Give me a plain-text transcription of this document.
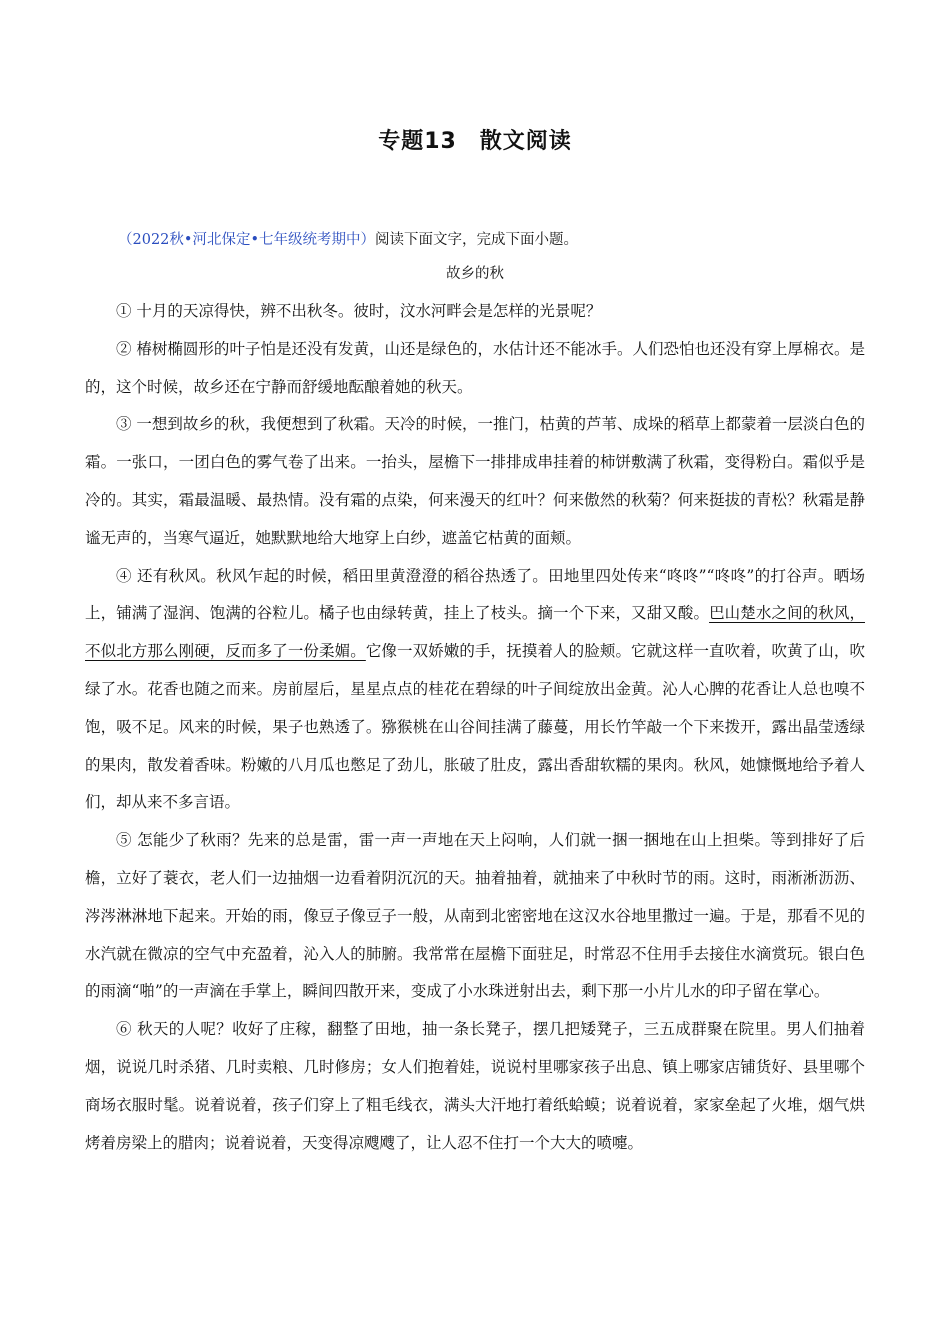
专题13　散文阅读
（2022秋•河北保定•七年级统考期中）阅读下面文字，完成下面小题。
故乡的秋

① 十月的天凉得快，辨不出秋冬。彼时，汶水河畔会是怎样的光景呢？

② 椿树椭圆形的叶子怕是还没有发黄，山还是绿色的，水估计还不能冰手。人们恐怕也还没有穿上厚棉衣。是的，这个时候，故乡还在宁静而舒缓地酝酿着她的秋天。

③ 一想到故乡的秋，我便想到了秋霜。天冷的时候，一推门，枯黄的芦苇、成垛的稻草上都蒙着一层淡白色的霜。一张口，一团白色的雾气卷了出来。一抬头，屋檐下一排排成串挂着的柿饼敷满了秋霜，变得粉白。霜似乎是冷的。其实，霜最温暖、最热情。没有霜的点染，何来漫天的红叶？何来傲然的秋菊？何来挺拔的青松？秋霜是静谧无声的，当寒气逼近，她默默地给大地穿上白纱，遮盖它枯黄的面颊。

④ 还有秋风。秋风乍起的时候，稻田里黄澄澄的稻谷热透了。田地里四处传来“咚咚”“咚咚”的打谷声。晒场上，铺满了湿润、饱满的谷粒儿。橘子也由绿转黄，挂上了枝头。摘一个下来，又甜又酸。巴山楚水之间的秋风，不似北方那么刚硬，反而多了一份柔媚。它像一双娇嫩的手，抚摸着人的脸颊。它就这样一直吹着，吹黄了山，吹绿了水。花香也随之而来。房前屋后，星星点点的桂花在碧绿的叶子间绽放出金黄。沁人心脾的花香让人总也嗅不饱，吸不足。风来的时候，果子也熟透了。猕猴桃在山谷间挂满了藤蔓，用长竹竿敲一个下来拨开，露出晶莹透绿的果肉，散发着香味。粉嫩的八月瓜也憋足了劲儿，胀破了肚皮，露出香甜软糯的果肉。秋风，她慷慨地给予着人们，却从来不多言语。

⑤ 怎能少了秋雨？先来的总是雷，雷一声一声地在天上闷响，人们就一捆一捆地在山上担柴。等到排好了后檐，立好了蓑衣，老人们一边抽烟一边看着阴沉沉的天。抽着抽着，就抽来了中秋时节的雨。这时，雨淅淅沥沥、涔涔淋淋地下起来。开始的雨，像豆子像豆子一般，从南到北密密地在这汉水谷地里撒过一遍。于是，那看不见的水汽就在微凉的空气中充盈着，沁入人的肺腑。我常常在屋檐下面驻足，时常忍不住用手去接住水滴赏玩。银白色的雨滴“啪”的一声滴在手掌上，瞬间四散开来，变成了小水珠迸射出去，剩下那一小片儿水的印子留在掌心。

⑥ 秋天的人呢？收好了庄稼，翻整了田地，抽一条长凳子，摆几把矮凳子，三五成群聚在院里。男人们抽着烟，说说几时杀猪、几时卖粮、几时修房；女人们抱着娃，说说村里哪家孩子出息、镇上哪家店铺货好、县里哪个商场衣服时髦。说着说着，孩子们穿上了粗毛线衣，满头大汗地打着纸蛤蟆；说着说着，家家垒起了火堆，烟气烘烤着房梁上的腊肉；说着说着，天变得凉飕飕了，让人忍不住打一个大大的喷嚏。
